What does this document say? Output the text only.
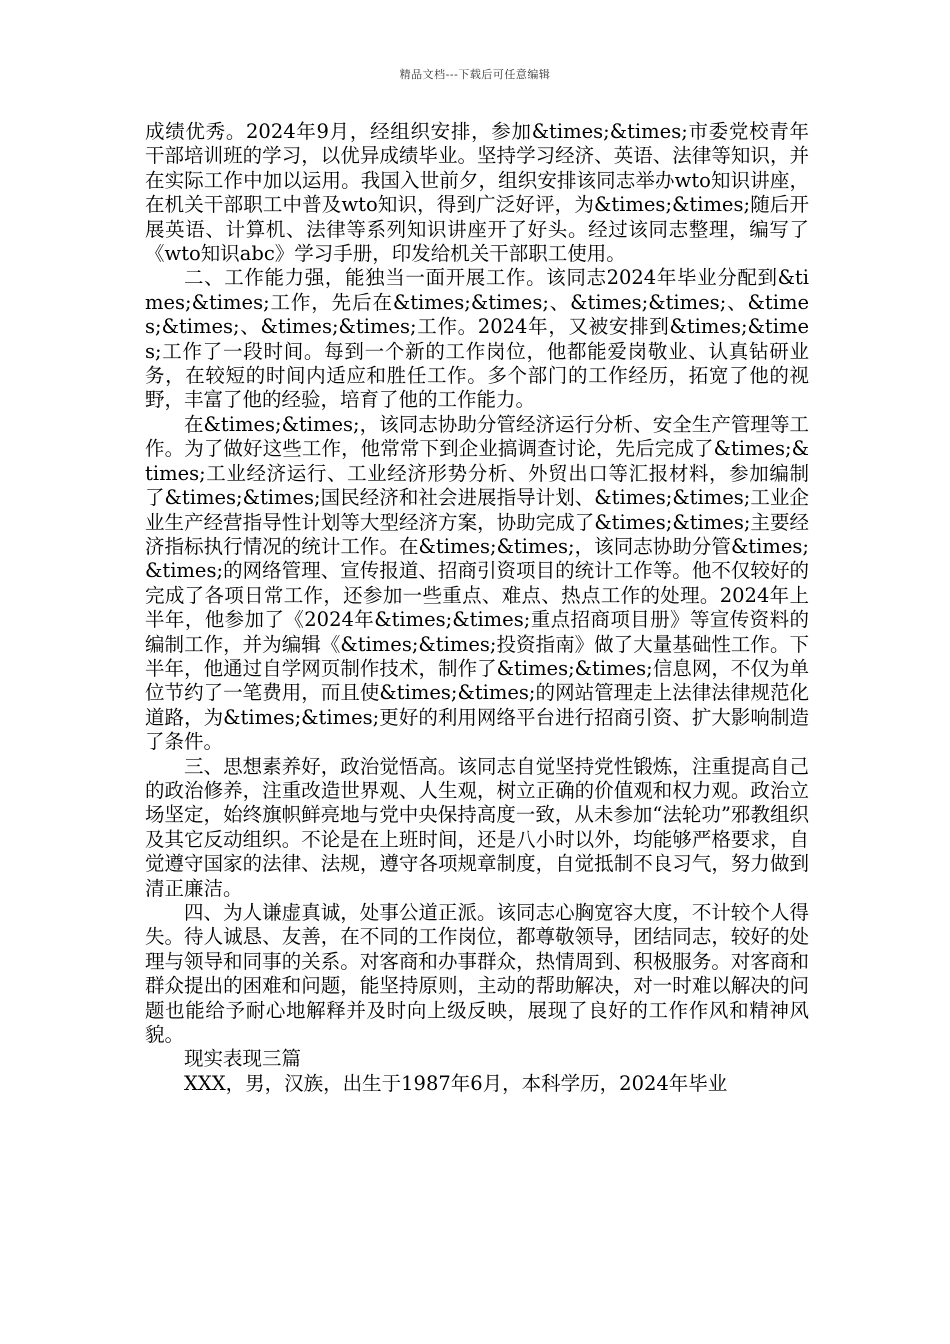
精品文档---下载后可任意编辑

成绩优秀。2024年9月，经组织安排，参加&times;&times;市委党校青年干部培训班的学习，以优异成绩毕业。坚持学习经济、英语、法律等知识，并在实际工作中加以运用。我国入世前夕，组织安排该同志举办wto知识讲座，在机关干部职工中普及wto知识，得到广泛好评，为&times;&times;随后开展英语、计算机、法律等系列知识讲座开了好头。经过该同志整理，编写了《wto知识abc》学习手册，印发给机关干部职工使用。

二、工作能力强，能独当一面开展工作。该同志2024年毕业分配到&times;&times;工作，先后在&times;&times;、&times;&times;、&times;&times;、&times;&times;工作。2024年，又被安排到&times;&times;工作了一段时间。每到一个新的工作岗位，他都能爱岗敬业、认真钻研业务，在较短的时间内适应和胜任工作。多个部门的工作经历，拓宽了他的视野，丰富了他的经验，培育了他的工作能力。

在&times;&times;，该同志协助分管经济运行分析、安全生产管理等工作。为了做好这些工作，他常常下到企业搞调查讨论，先后完成了&times;&times;工业经济运行、工业经济形势分析、外贸出口等汇报材料，参加编制了&times;&times;国民经济和社会进展指导计划、&times;&times;工业企业生产经营指导性计划等大型经济方案，协助完成了&times;&times;主要经济指标执行情况的统计工作。在&times;&times;，该同志协助分管&times;&times;的网络管理、宣传报道、招商引资项目的统计工作等。他不仅较好的完成了各项日常工作，还参加一些重点、难点、热点工作的处理。2024年上半年，他参加了《2024年&times;&times;重点招商项目册》等宣传资料的编制工作，并为编辑《&times;&times;投资指南》做了大量基础性工作。下半年，他通过自学网页制作技术，制作了&times;&times;信息网，不仅为单位节约了一笔费用，而且使&times;&times;的网站管理走上法律法律规范化道路，为&times;&times;更好的利用网络平台进行招商引资、扩大影响制造了条件。

三、思想素养好，政治觉悟高。该同志自觉坚持党性锻炼，注重提高自己的政治修养，注重改造世界观、人生观，树立正确的价值观和权力观。政治立场坚定，始终旗帜鲜亮地与党中央保持高度一致，从未参加“法轮功”邪教组织及其它反动组织。不论是在上班时间，还是八小时以外，均能够严格要求，自觉遵守国家的法律、法规，遵守各项规章制度，自觉抵制不良习气，努力做到清正廉洁。

四、为人谦虚真诚，处事公道正派。该同志心胸宽容大度，不计较个人得失。待人诚恳、友善，在不同的工作岗位，都尊敬领导，团结同志，较好的处理与领导和同事的关系。对客商和办事群众，热情周到、积极服务。对客商和群众提出的困难和问题，能坚持原则，主动的帮助解决，对一时难以解决的问题也能给予耐心地解释并及时向上级反映，展现了良好的工作作风和精神风貌。

现实表现三篇

XXX，男，汉族，出生于1987年6月，本科学历，2024年毕业
